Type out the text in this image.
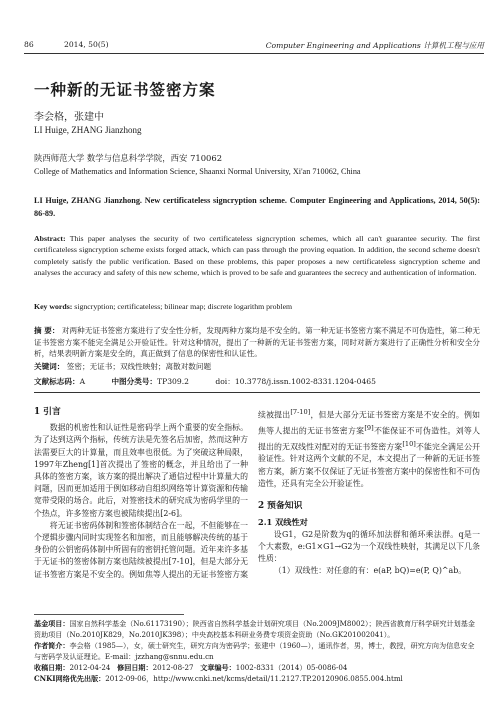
86	2014, 50(5)	Computer Engineering and Applications 计算机工程与应用
一种新的无证书签密方案
李会格，张建中
LI Huige, ZHANG Jianzhong
陕西师范大学 数学与信息科学学院，西安 710062
College of Mathematics and Information Science, Shaanxi Normal University, Xi'an 710062, China
LI Huige, ZHANG Jianzhong. New certificateless signcryption scheme. Computer Engineering and Applications, 2014, 50(5): 86-89.
Abstract: This paper analyses the security of two certificateless signcryption schemes, which all can't guarantee security. The first certificateless signcryption scheme exists forged attack, which can pass through the proving equation. In addition, the second scheme doesn't completely satisfy the public verification. Based on these problems, this paper proposes a new certificateless signcryption scheme and analyses the accuracy and safety of this new scheme, which is proved to be safe and guarantees the secrecy and authentication of information.
Key words: signcryption; certificateless; bilinear map; discrete logarithm problem
摘 要： 对两种无证书签密方案进行了安全性分析，发现两种方案均是不安全的。第一种无证书签密方案不满足不可伪造性，第二种无证书签密方案不能完全满足公开验证性。针对这种情况，提出了一种新的无证书签密方案，同时对新方案进行了正确性分析和安全分析，结果表明新方案是安全的，真正做到了信息的保密性和认证性。
关键词： 签密；无证书；双线性映射；离散对数问题
文献标志码：A	中图分类号：TP309.2	doi：10.3778/j.issn.1002-8331.1204-0465
1 引言

数据的机密性和认证性是密码学上两个重要的安全指标。为了达到这两个指标，传统方法是先签名后加密，然而这种方法需要巨大的计算量，而且效率也很低。为了突破这种局限，1997年Zheng[1]首次提出了签密的概念，并且给出了一种具体的签密方案，该方案的提出解决了通信过程中计算量大的问题，因而更加适用于例如移动自组织网络等计算资源和传输宽带受限的场合。此后，对签密技术的研究成为密码学里的一个热点，许多签密方案也被陆续提出[2-6]。

将无证书密码体制和签密体制结合在一起，不但能够在一个逻辑步骤内同时实现签名和加密，而且能够解决传统的基于身份的公钥密码体制中所固有的密钥托管问题。近年来许多基于无证书的签密体制方案也陆续被提出[7-10]，但是大部分无证书签密方案是不安全的。例如焦等人提出的无证书签密方案

续被提出[7-10]，但是大部分无证书签密方案是不安全的。例如焦等人提出的无证书签密方案[9]不能保证不可伪造性。刘等人提出的无双线性对配对的无证书签密方案[10]不能完全满足公开验证性。针对这两个文献的不足，本文提出了一种新的无证书签密方案，新方案不仅保证了无证书签密方案中的保密性和不可伪造性，还具有完全公开验证性。

2 预备知识
2.1 双线性对

设G1，G2是阶数为q的循环加法群和循环乘法群。q是一个大素数，e:G1×G1→G2为一个双线性映射，其满足以下几条性质：

（1）双线性：对任意的有：e(aP, bQ)=e(P, Q)^ab。

基金项目：国家自然科学基金（No.61173190）；陕西省自然科学基金计划研究项目（No.2009JM8002）；陕西省教育厅科学研究计划基金资助项目（No.2010JK829，No.2010JK398）；中央高校基本科研业务费专项资金资助（No.GK201002041）。
作者简介：李会格（1985—），女，硕士研究生，研究方向为密码学；张建中（1960—），通讯作者，男，博士，教授，研究方向为信息安全与密码学及认证理论。E-mail：jzzhang@snnu.edu.cn
收稿日期：2012-04-24 修回日期：2012-08-27 文章编号：1002-8331（2014）05-0086-04
CNKI网络优先出版：2012-09-06，http://www.cnki.net/kcms/detail/11.2127.TP.20120906.0855.004.html
